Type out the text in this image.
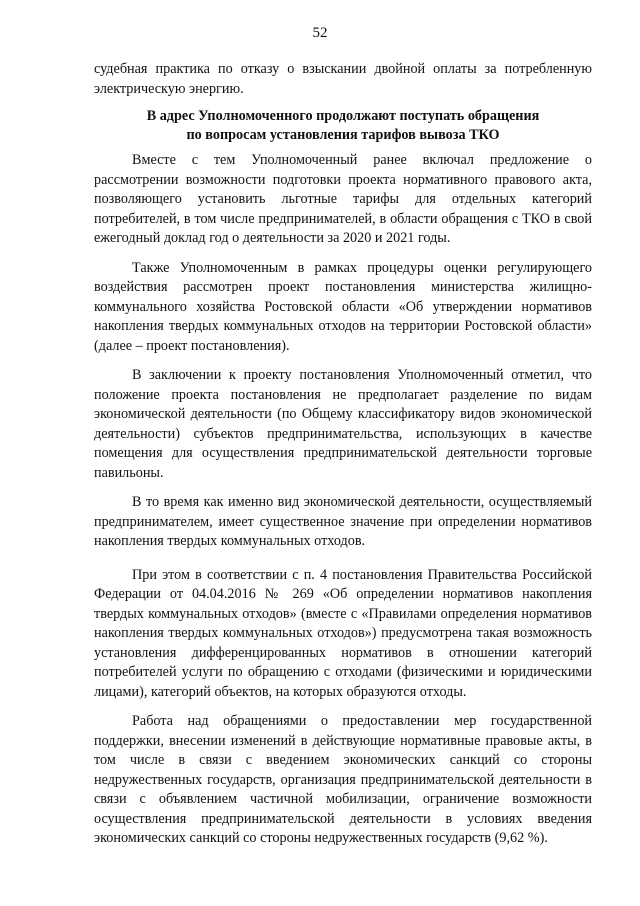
52

судебная практика по отказу о взыскании двойной оплаты за потребленную электрическую энергию.

В адрес Уполномоченного продолжают поступать обращения
по вопросам установления тарифов вывоза ТКО

Вместе с тем Уполномоченный ранее включал предложение о рассмотрении возможности подготовки проекта нормативного правового акта, позволяющего установить льготные тарифы для отдельных категорий потребителей, в том числе предпринимателей, в области обращения с ТКО в свой ежегодный доклад год о деятельности за 2020 и 2021 годы.

Также Уполномоченным в рамках процедуры оценки регулирующего воздействия рассмотрен проект постановления министерства жилищно-коммунального хозяйства Ростовской области «Об утверждении нормативов накопления твердых коммунальных отходов на территории Ростовской области» (далее – проект постановления).

В заключении к проекту постановления Уполномоченный отметил, что положение проекта постановления не предполагает разделение по видам экономической деятельности (по Общему классификатору видов экономической деятельности) субъектов предпринимательства, использующих в качестве помещения для осуществления предпринимательской деятельности торговые павильоны.

В то время как именно вид экономической деятельности, осуществляемый предпринимателем, имеет существенное значение при определении нормативов накопления твердых коммунальных отходов.

При этом в соответствии с п. 4 постановления Правительства Российской Федерации от 04.04.2016 № 269 «Об определении нормативов накопления твердых коммунальных отходов» (вместе с «Правилами определения нормативов накопления твердых коммунальных отходов») предусмотрена такая возможность установления дифференцированных нормативов в отношении категорий потребителей услуги по обращению с отходами (физическими и юридическими лицами), категорий объектов, на которых образуются отходы.

Работа над обращениями о предоставлении мер государственной поддержки, внесении изменений в действующие нормативные правовые акты, в том числе в связи с введением экономических санкций со стороны недружественных государств, организация предпринимательской деятельности в связи с объявлением частичной мобилизации, ограничение возможности осуществления предпринимательской деятельности в условиях введения экономических санкций со стороны недружественных государств (9,62 %).
